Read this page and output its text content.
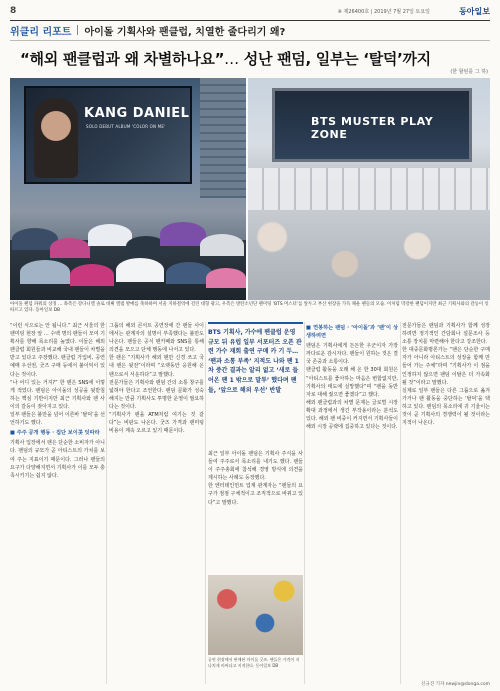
8	※ 제26400호 | 2019년 7월 27일 토요일	동아일보
위클리 리포트 아이돌 기획사와 팬클럽, 치열한 줄다리기 왜?
“해외 팬클럽과 왜 차별하나요”… 성난 팬덤, 일부는 ‘탈덕’까지
(한 할된를 그 하)
KANG DANIEL
SOLO DEBUT ALBUM 'COLOR ON ME'	BTS MUSTER PLAY ZONE
아이돌 팬덤 파워의 상징 … 좌측은 강다니엘 솔로 데뷔 앨범 발매를 축하하며 서울 지하철역에 걸린 대형 광고, 우측은 방탄소년단 팬미팅 ‘BTS 머스터’를 앞두고 부산 현장을 가득 채운 팬들의 모습. 이처럼 막강한 팬덤이지만 최근 기획사와의 갈등이 잇따르고 있다. 동아일보 DB

“이런 식으로는 안 됩니다.” 최근 서울의 한 팬미팅 현장 앞 … 수백 명의 팬들이 모여 기획사를 향해 목소리를 높였다. 이들은 해외 팬클럽 회원들과 비교해 국내 팬들이 차별을 받고 있다고 주장했다. 팬클럽 가입비, 공연 예매 우선권, 굿즈 구매 등에서 불이익이 있다는 것이다.

“나 어디 있는 거지?” 한 팬은 SNS에 이렇게 적었다. 팬덤은 아이돌의 성공을 뒷받침하는 핵심 기반이지만 최근 기획사와 팬 사이의 갈등이 잦아지고 있다.

일부 팬들은 불만을 넘어 이른바 ‘탈덕’을 선언하기도 했다.

■ 주주 공개 행동 · 집단 보이콧 잇따라

기획사 입장에서 팬은 단순한 소비자가 아니다. 팬덤의 규모가 곧 아티스트의 가치를 보여 주는 지표이기 때문이다. 그러나 팬들의 요구가 다양해지면서 기획사가 이를 모두 충족시키기는 쉽지 않다.

그룹의 해외 콘서트 공연장에 간 팬들 사이에서는 관계자의 설명이 부족했다는 불만도 나온다. 팬들은 공식 팬카페와 SNS를 통해 의견을 모으고 단체 행동에 나서고 있다.

한 팬은 “기획사가 해외 팬만 신경 쓰고 국내 팬은 뒷전”이라며 “오랫동안 응원해 온 팬으로서 서운하다”고 말했다.

전문가들은 기획사와 팬덤 간의 소통 창구를 넓혀야 한다고 조언한다. 팬덤 문화가 성숙해지는 만큼 기획사도 투명한 운영이 필요하다는 것이다.

“기획사가 팬을 ATM처럼 여기는 것 같다”는 비판도 나온다. 굿즈 가격과 팬미팅 비용이 계속 오르고 있기 때문이다.

BTS 기획사, 가수에 팬클럽 운영 규모 뒤 유럽 일부 서포터즈 오픈 관련 가수 재회 출연 구매 카 기 두… ‘팬과 소통 부족’ 지적도 나와 팬 1차 중간 결과는 알리 없고 ‘새로 들어온 팬 1 밖으로 말투’ 했다며 팬들, ‘앞으로 해외 우선’ 반발

최근 일부 아이돌 팬덤은 기획사 주식을 사들여 주주로서 목소리를 내기도 했다. 팬들이 주주총회에 참석해 경영 방식에 의견을 제시하는 사례도 등장했다.

한 엔터테인먼트 업계 관계자는 “팬들의 요구가 점점 구체적이고 조직적으로 바뀌고 있다”고 말했다.

공연 현장에서 판매된 아이돌 굿즈. 팬들은 가격이 지나치게 비싸다고 지적한다. 동아일보 DB
■ 연봉하는 팬덤 · ‘아이돌’과 ‘팬’이 상생하려면

팬덤은 기획사에게 든든한 우군이자 가장 까다로운 감시자다. 팬들이 원하는 것은 결국 존중과 소통이다.

팬클럽 활동을 오래 해 온 한 30대 회원은 “아티스트를 좋아하는 마음은 변함없지만, 기획사의 태도에 실망했다”며 “팬을 동반자로 대해 줬으면 좋겠다”고 했다.

해외 팬클럽과의 차별 문제는 글로벌 시장 확대 과정에서 생긴 부작용이라는 분석도 있다. 해외 팬 비중이 커지면서 기획사들이 해외 시장 공략에 집중하고 있다는 것이다.

전문가들은 팬덤과 기획사가 함께 성장하려면 정기적인 간담회나 설문조사 등 소통 장치를 마련해야 한다고 강조한다.

한 대중문화평론가는 “팬은 단순한 구매자가 아니라 아티스트의 성장을 함께 만들어 가는 주체”라며 “기획사가 이 점을 인정하지 않으면 팬덤 이탈은 더 가속화될 것”이라고 말했다.

실제로 일부 팬들은 다른 그룹으로 옮겨 가거나 팬 활동을 중단하는 ‘탈덕’을 택하고 있다. 팬덤의 목소리에 귀 기울이는 것이 곧 기획사의 경쟁력이 될 것이라는 지적이 나온다.

신규진 기자 newjin@donga.com
